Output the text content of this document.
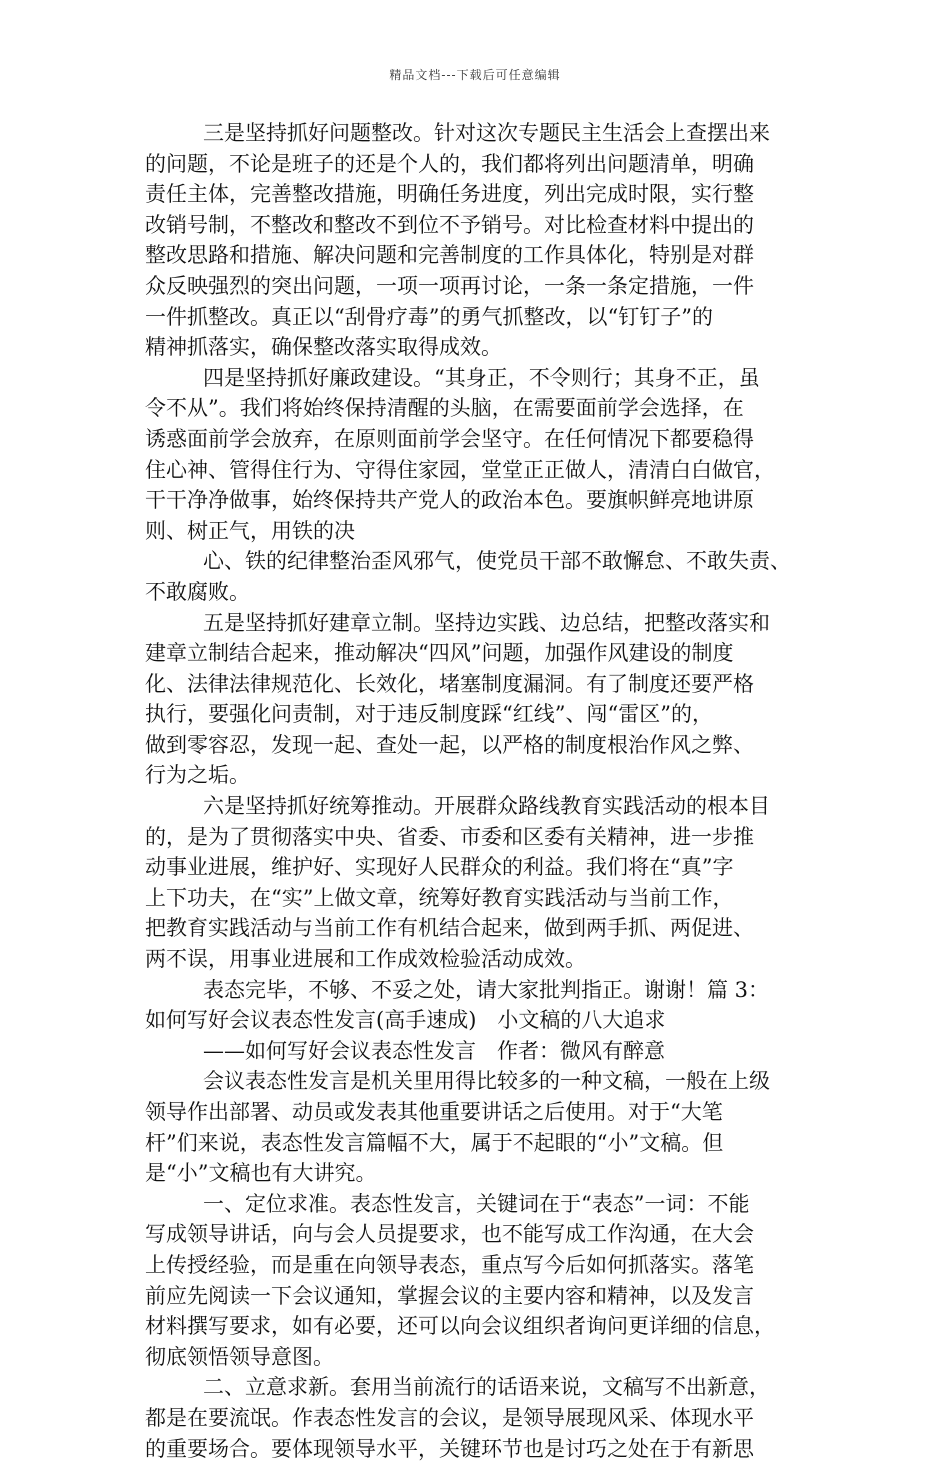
精品文档---下载后可任意编辑
三是坚持抓好问题整改。针对这次专题民主生活会上查摆出来
的问题，不论是班子的还是个人的，我们都将列出问题清单，明确
责任主体，完善整改措施，明确任务进度，列出完成时限，实行整
改销号制，不整改和整改不到位不予销号。对比检查材料中提出的
整改思路和措施、解决问题和完善制度的工作具体化，特别是对群
众反映强烈的突出问题，一项一项再讨论，一条一条定措施，一件
一件抓整改。真正以“刮骨疗毒”的勇气抓整改，以“钉钉子”的
精神抓落实，确保整改落实取得成效。
四是坚持抓好廉政建设。“其身正，不令则行；其身不正，虽
令不从”。我们将始终保持清醒的头脑，在需要面前学会选择，在
诱惑面前学会放弃，在原则面前学会坚守。在任何情况下都要稳得
住心神、管得住行为、守得住家园，堂堂正正做人，清清白白做官，
干干净净做事，始终保持共产党人的政治本色。要旗帜鲜亮地讲原
则、树正气，用铁的决
心、铁的纪律整治歪风邪气，使党员干部不敢懈怠、不敢失责、
不敢腐败。
五是坚持抓好建章立制。坚持边实践、边总结，把整改落实和
建章立制结合起来，推动解决“四风”问题，加强作风建设的制度
化、法律法律规范化、长效化，堵塞制度漏洞。有了制度还要严格
执行，要强化问责制，对于违反制度踩“红线”、闯“雷区”的，
做到零容忍，发现一起、查处一起，以严格的制度根治作风之弊、
行为之垢。
六是坚持抓好统筹推动。开展群众路线教育实践活动的根本目
的，是为了贯彻落实中央、省委、市委和区委有关精神，进一步推
动事业进展，维护好、实现好人民群众的利益。我们将在“真”字
上下功夫，在“实”上做文章，统筹好教育实践活动与当前工作，
把教育实践活动与当前工作有机结合起来，做到两手抓、两促进、
两不误，用事业进展和工作成效检验活动成效。
表态完毕，不够、不妥之处，请大家批判指正。谢谢！篇 3：
如何写好会议表态性发言(高手速成)　小文稿的八大追求
——如何写好会议表态性发言　作者：微风有醉意
会议表态性发言是机关里用得比较多的一种文稿，一般在上级
领导作出部署、动员或发表其他重要讲话之后使用。对于“大笔
杆”们来说，表态性发言篇幅不大，属于不起眼的“小”文稿。但
是“小”文稿也有大讲究。
一、定位求准。表态性发言，关键词在于“表态”一词：不能
写成领导讲话，向与会人员提要求，也不能写成工作沟通，在大会
上传授经验，而是重在向领导表态，重点写今后如何抓落实。落笔
前应先阅读一下会议通知，掌握会议的主要内容和精神，以及发言
材料撰写要求，如有必要，还可以向会议组织者询问更详细的信息，
彻底领悟领导意图。
二、立意求新。套用当前流行的话语来说，文稿写不出新意，
都是在要流氓。作表态性发言的会议，是领导展现风采、体现水平
的重要场合。要体现领导水平，关键环节也是讨巧之处在于有新思
